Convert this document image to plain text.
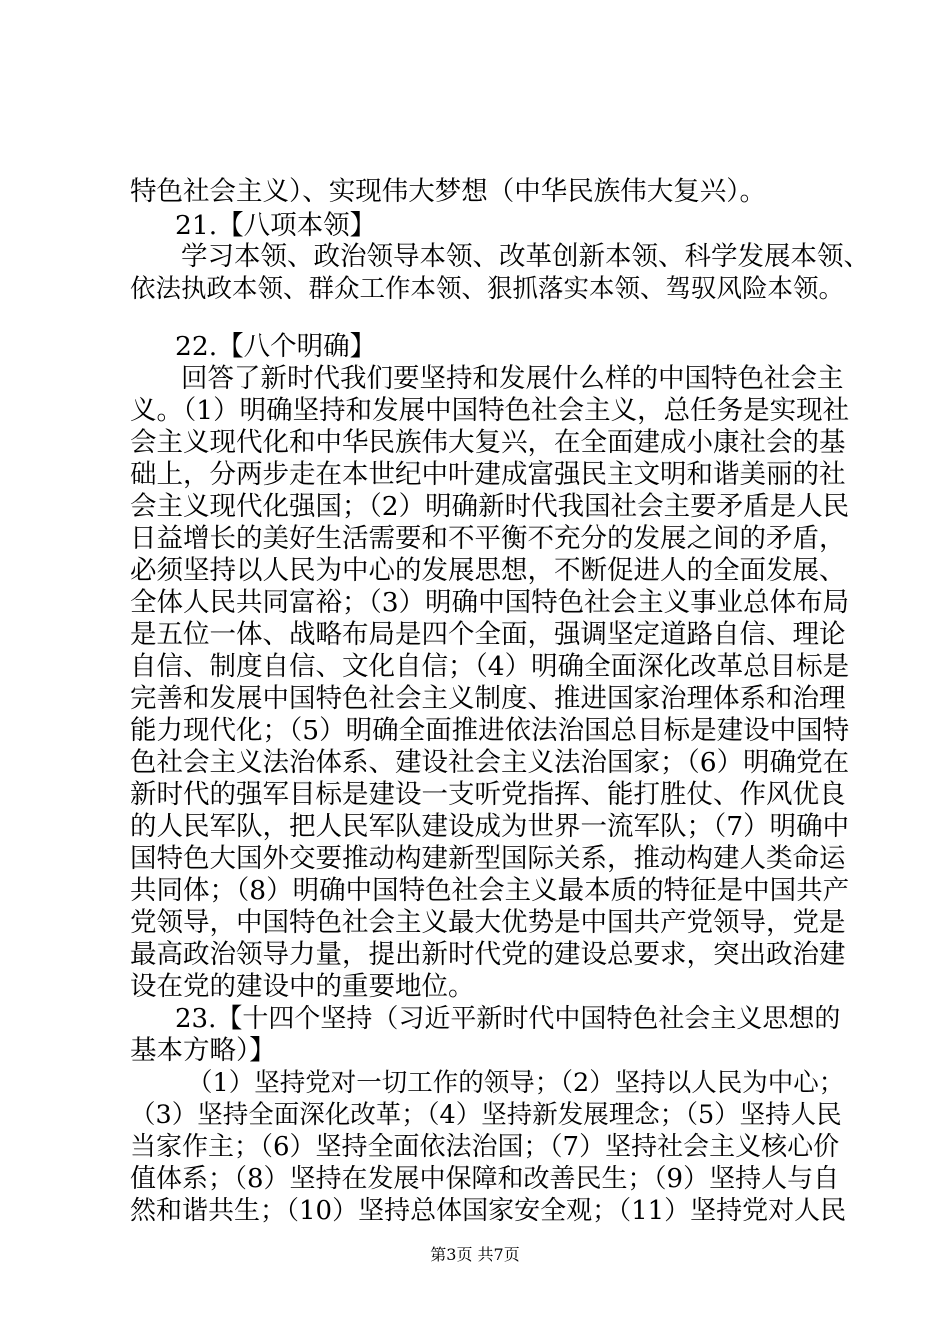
特色社会主义）、实现伟大梦想（中华民族伟大复兴）。
21.【八项本领】
学习本领、政治领导本领、改革创新本领、科学发展本领、
依法执政本领、群众工作本领、狠抓落实本领、驾驭风险本领。
22.【八个明确】
回答了新时代我们要坚持和发展什么样的中国特色社会主
义。（1）明确坚持和发展中国特色社会主义，总任务是实现社
会主义现代化和中华民族伟大复兴，在全面建成小康社会的基
础上，分两步走在本世纪中叶建成富强民主文明和谐美丽的社
会主义现代化强国；（2）明确新时代我国社会主要矛盾是人民
日益增长的美好生活需要和不平衡不充分的发展之间的矛盾，
必须坚持以人民为中心的发展思想，不断促进人的全面发展、
全体人民共同富裕；（3）明确中国特色社会主义事业总体布局
是五位一体、战略布局是四个全面，强调坚定道路自信、理论
自信、制度自信、文化自信；（4）明确全面深化改革总目标是
完善和发展中国特色社会主义制度、推进国家治理体系和治理
能力现代化；（5）明确全面推进依法治国总目标是建设中国特
色社会主义法治体系、建设社会主义法治国家；（6）明确党在
新时代的强军目标是建设一支听党指挥、能打胜仗、作风优良
的人民军队，把人民军队建设成为世界一流军队；（7）明确中
国特色大国外交要推动构建新型国际关系，推动构建人类命运
共同体；（8）明确中国特色社会主义最本质的特征是中国共产
党领导，中国特色社会主义最大优势是中国共产党领导，党是
最高政治领导力量，提出新时代党的建设总要求，突出政治建
设在党的建设中的重要地位。
23.【十四个坚持（习近平新时代中国特色社会主义思想的
基本方略）】
（1）坚持党对一切工作的领导；（2）坚持以人民为中心；
（3）坚持全面深化改革；（4）坚持新发展理念；（5）坚持人民
当家作主；（6）坚持全面依法治国；（7）坚持社会主义核心价
值体系；（8）坚持在发展中保障和改善民生；（9）坚持人与自
然和谐共生；（10）坚持总体国家安全观；（11）坚持党对人民
第3页 共7页
